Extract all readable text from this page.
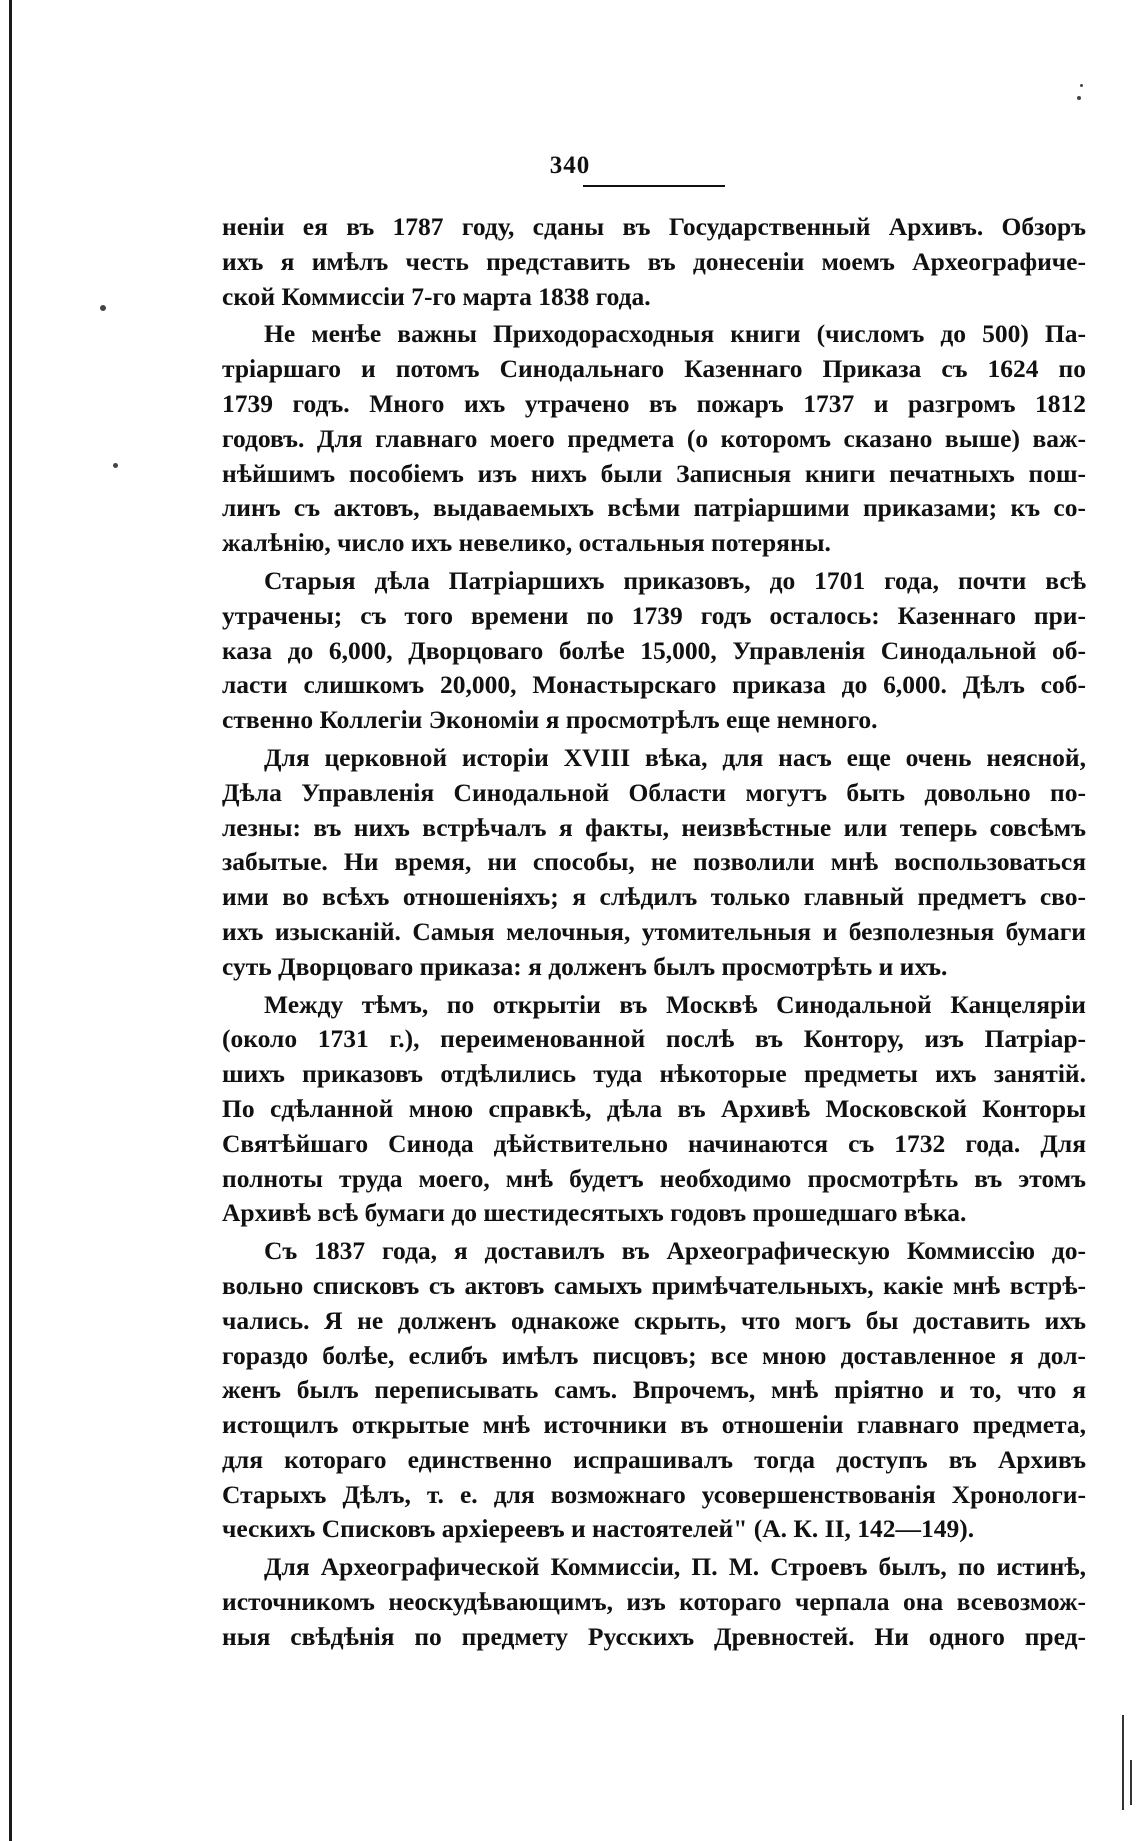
340
неніи ея въ 1787 году, сданы въ Государственный Архивъ. Обзоръ
ихъ я имѣлъ честь представить въ донесеніи моемъ Археографиче-
ской Коммиссіи 7-го марта 1838 года.
Не менѣе важны Приходорасходныя книги (числомъ до 500) Па-
тріаршаго и потомъ Синодальнаго Казеннаго Приказа съ 1624 по
1739 годъ. Много ихъ утрачено въ пожаръ 1737 и разгромъ 1812
годовъ. Для главнаго моего предмета (о которомъ сказано выше) важ-
нѣйшимъ пособіемъ изъ нихъ были Записныя книги печатныхъ пош-
линъ съ актовъ, выдаваемыхъ всѣми патріаршими приказами; къ со-
жалѣнію, число ихъ невелико, остальныя потеряны.
Старыя дѣла Патріаршихъ приказовъ, до 1701 года, почти всѣ
утрачены; съ того времени по 1739 годъ осталось: Казеннаго при-
каза до 6,000, Дворцоваго болѣе 15,000, Управленія Синодальной об-
ласти слишкомъ 20,000, Монастырскаго приказа до 6,000. Дѣлъ соб-
ственно Коллегіи Экономіи я просмотрѣлъ еще немного.
Для церковной исторіи XVIII вѣка, для насъ еще очень неясной,
Дѣла Управленія Синодальной Области могутъ быть довольно по-
лезны: въ нихъ встрѣчалъ я факты, неизвѣстные или теперь совсѣмъ
забытые. Ни время, ни способы, не позволили мнѣ воспользоваться
ими во всѣхъ отношеніяхъ; я слѣдилъ только главный предметъ сво-
ихъ изысканій. Самыя мелочныя, утомительныя и безполезныя бумаги
суть Дворцоваго приказа: я долженъ былъ просмотрѣть и ихъ.
Между тѣмъ, по открытіи въ Москвѣ Синодальной Канцеляріи
(около 1731 г.), переименованной послѣ въ Контору, изъ Патріар-
шихъ приказовъ отдѣлились туда нѣкоторые предметы ихъ занятій.
По сдѣланной мною справкѣ, дѣла въ Архивѣ Московской Конторы
Святѣйшаго Синода дѣйствительно начинаются съ 1732 года. Для
полноты труда моего, мнѣ будетъ необходимо просмотрѣть въ этомъ
Архивѣ всѣ бумаги до шестидесятыхъ годовъ прошедшаго вѣка.
Съ 1837 года, я доставилъ въ Археографическую Коммиссію до-
вольно списковъ съ актовъ самыхъ примѣчательныхъ, какіе мнѣ встрѣ-
чались. Я не долженъ однакоже скрыть, что могъ бы доставить ихъ
гораздо болѣе, еслибъ имѣлъ писцовъ; все мною доставленное я дол-
женъ былъ переписывать самъ. Впрочемъ, мнѣ пріятно и то, что я
истощилъ открытые мнѣ источники въ отношеніи главнаго предмета,
для котораго единственно испрашивалъ тогда доступъ въ Архивъ
Старыхъ Дѣлъ, т. е. для возможнаго усовершенствованія Хронологи-
ческихъ Списковъ архіереевъ и настоятелей" (А. К. II, 142—149).
Для Археографической Коммиссіи, П. М. Строевъ былъ, по истинѣ,
источникомъ неоскудѣвающимъ, изъ котораго черпала она всевозмож-
ныя свѣдѣнія по предмету Русскихъ Древностей. Ни одного пред-
